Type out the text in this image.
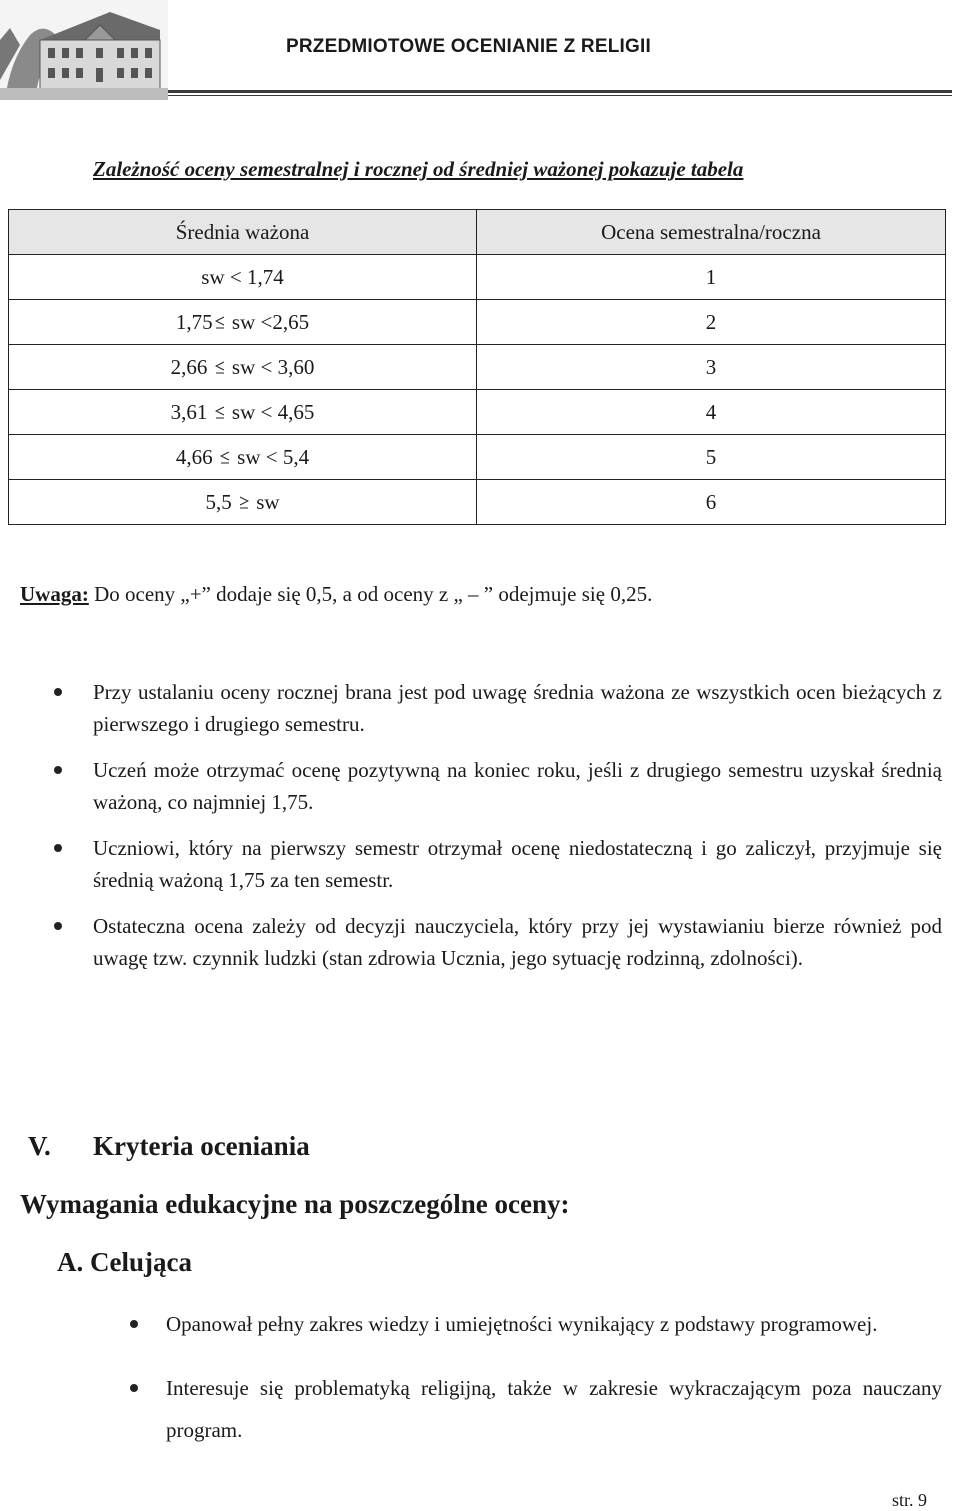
PRZEDMIOTOWE OCENIANIE Z RELIGII
Zależność oceny semestralnej i rocznej od średniej ważonej pokazuje tabela
Średnia ważona	Ocena semestralna/roczna
sw < 1,74	1
1,75 sw <2,65	2
2,66 sw < 3,60	3
3,61 sw < 4,65	4
4,66 sw < 5,4	5
5,5 sw	6
Uwaga: Do oceny „+” dodaje się 0,5, a od oceny z „ – ” odejmuje się 0,25.
Przy ustalaniu oceny rocznej brana jest pod uwagę średnia ważona ze wszystkich ocen bieżących z pierwszego i drugiego semestru.
Uczeń może otrzymać ocenę pozytywną na koniec roku, jeśli z drugiego semestru uzyskał średnią ważoną, co najmniej 1,75.
Uczniowi, który na pierwszy semestr otrzymał ocenę niedostateczną i go zaliczył, przyjmuje się średnią ważoną 1,75 za ten semestr.
Ostateczna ocena zależy od decyzji nauczyciela, który przy jej wystawianiu bierze również pod uwagę tzw. czynnik ludzki (stan zdrowia Ucznia, jego sytuację rodzinną, zdolności).
V. Kryteria oceniania
Wymagania edukacyjne na poszczególne oceny:
A. Celująca
Opanował pełny zakres wiedzy i umiejętności wynikający z podstawy programowej.
Interesuje się problematyką religijną, także w zakresie wykraczającym poza nauczany program.
str. 9
